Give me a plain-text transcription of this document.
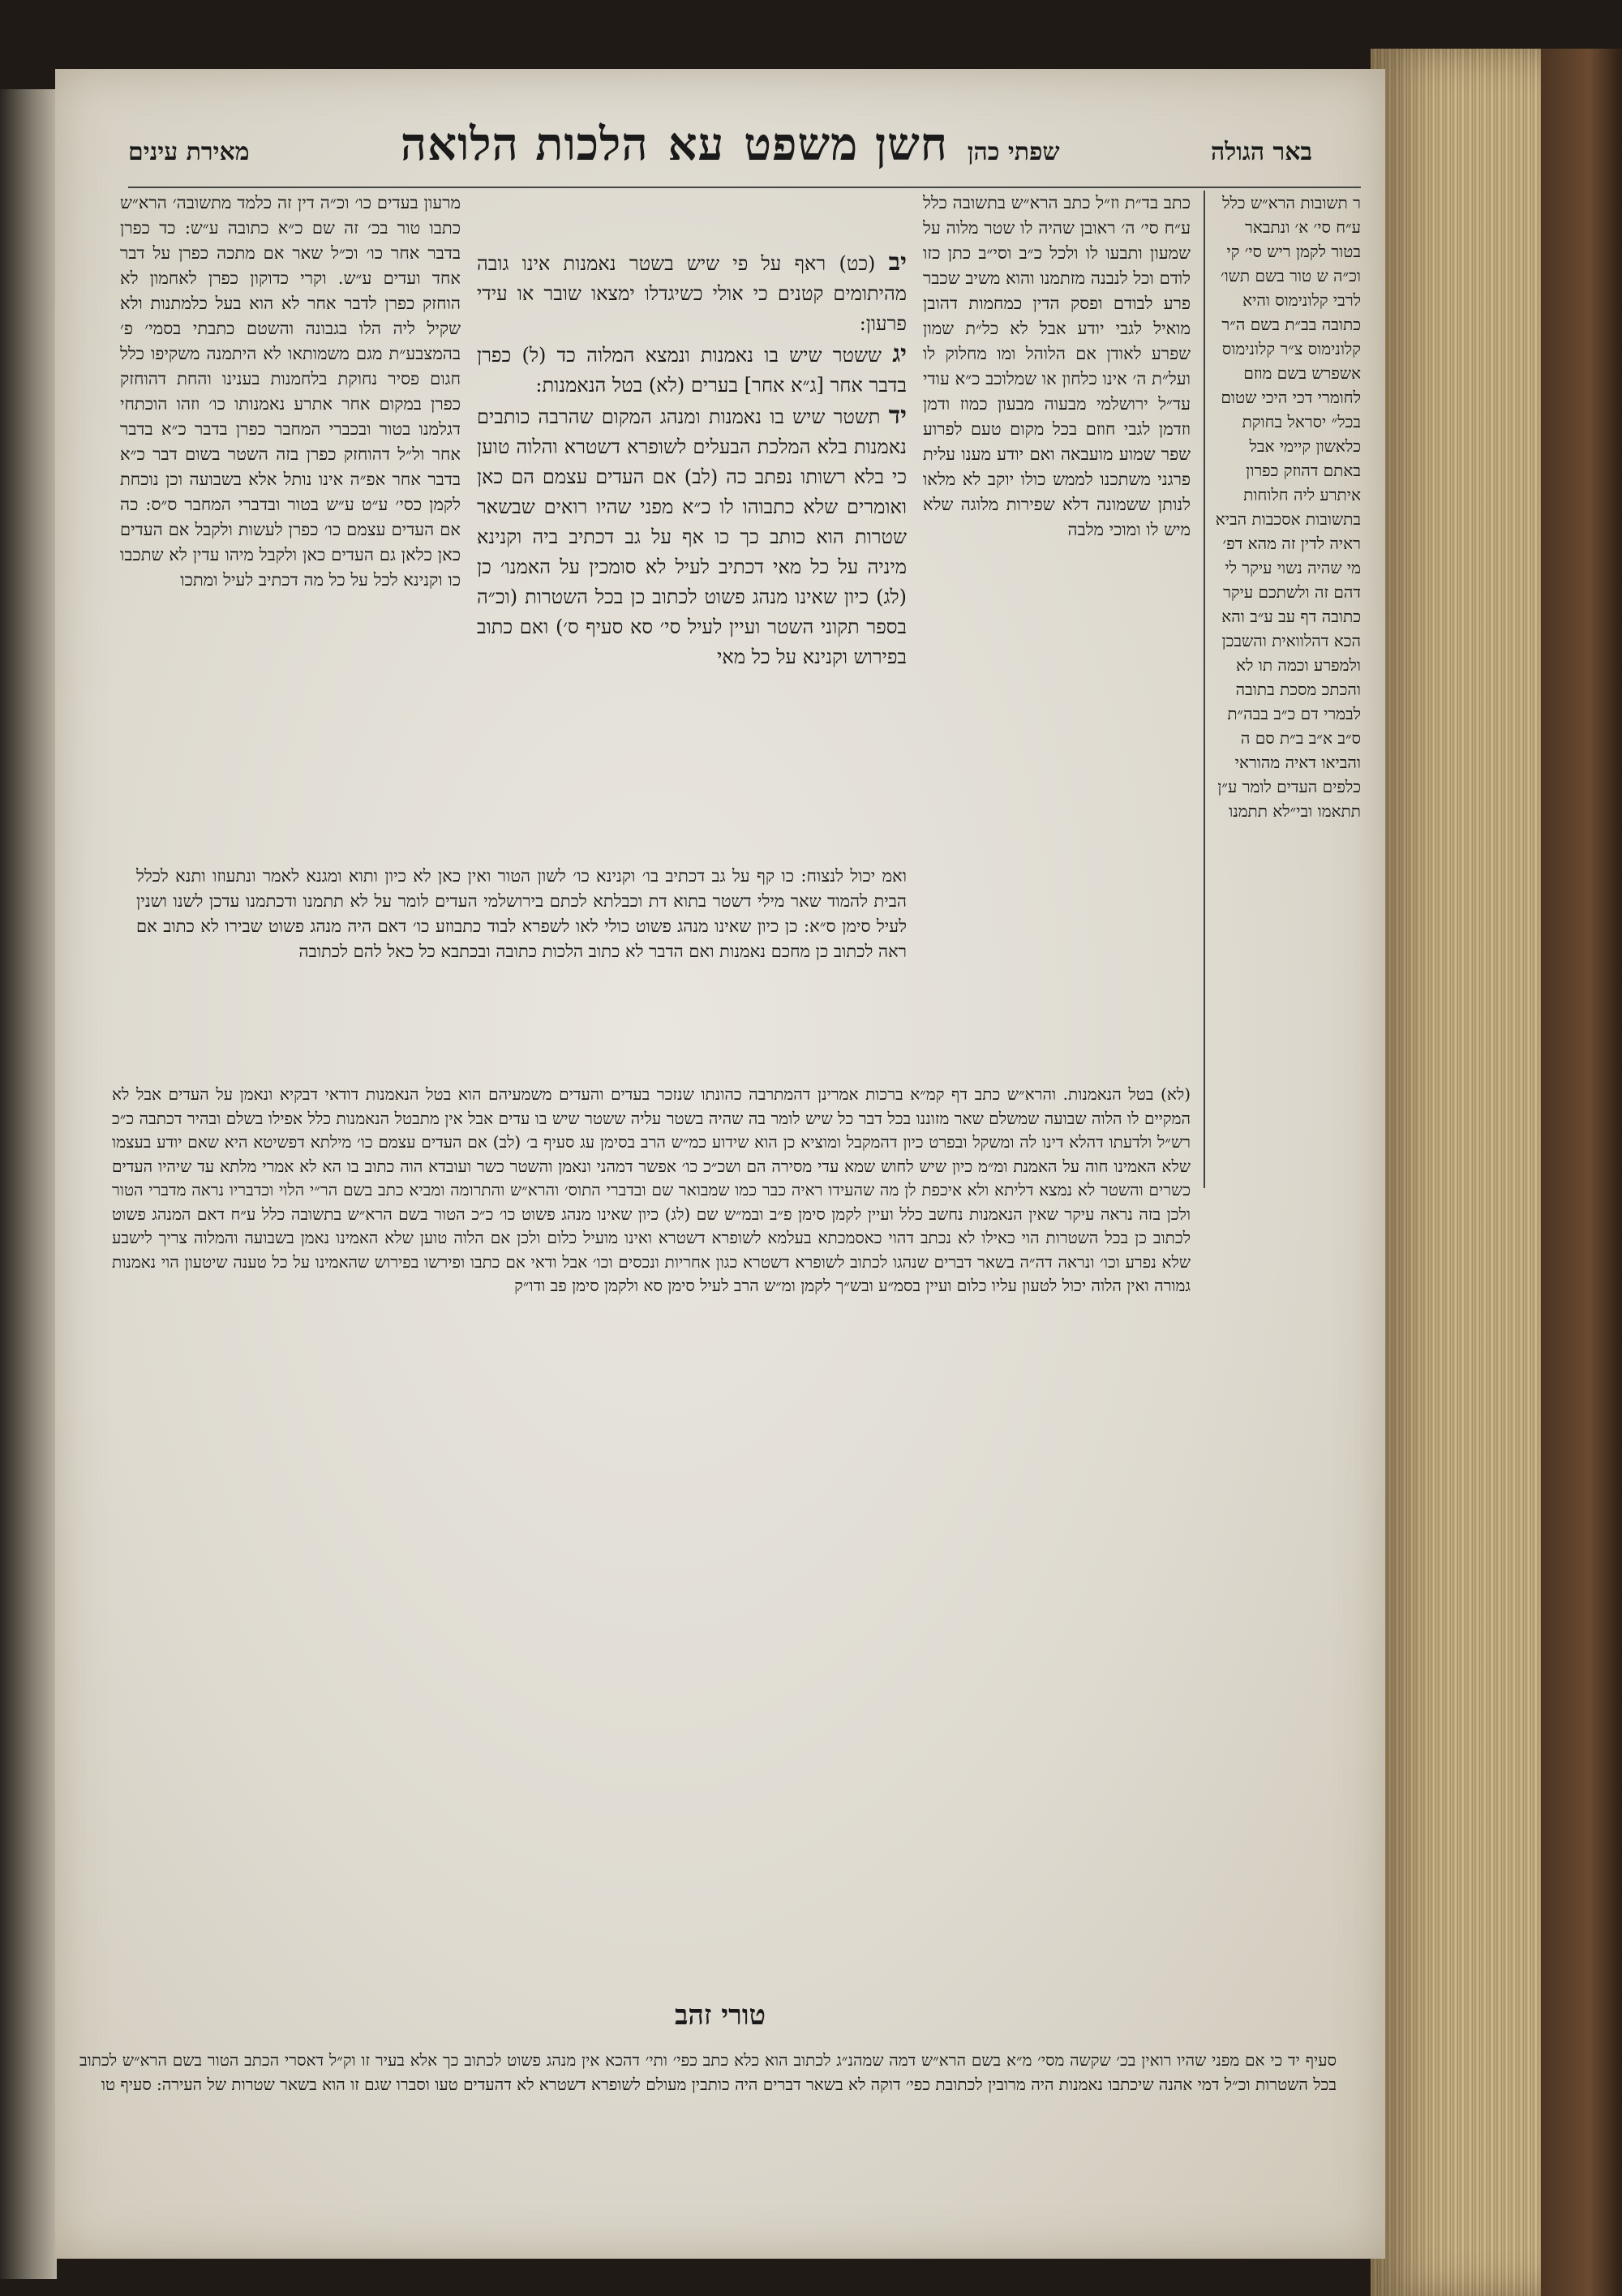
באר הגולה
שפתי כהן
חשן משפט
עא
הלכות הלואה
מאירת עינים

ר תשובות הרא״ש כלל ע״ח סי׳ א׳ ונתבאר בטור לקמן ריש סי׳ קי וכ״ה ש טור בשם תשו׳ לרבי קלונימוס והיא כתובה בב״ת בשם ה״ר קלונימוס צ״ר קלונימוס אשפרש בשם מוזם לחומרי דכי היכי שטום בכל״ יסראל בחוקת כלאשון קיימי אבל באתם דהוזק כפרון איתרע ליה חלוחות בתשובות אסכבות הביא ראיה לדין זה מהא דפ׳ מי שהיה נשוי עיקר לי דהם זה ולשתכם עיקר כתובה דף עב ע״ב והא הכא דהלוואית והשבכן ולמפרע וכמה תו לא והכתכ מסכת בתובה לבמרי דם כ״ב בבה״ת ס״ב א״ב ב״ת סם ה והביאו דאיה מהוראי כלפים העדים לומר ע״ן תתאמו ובי״לא תתמנו

כתב בד״ת וז״ל כתב הרא״ש בתשובה כלל ע״ח סי׳ ה׳ ראובן שהיה לו שטר מלוה על שמעון ותבעו לו ולכל כ״ב וסי״ב כתן כזו לודם וכל לנבנה מזתמנו והוא משיב שכבר פרע לבודם ופסק הדין כמחמות דהובן מואיל לגבי יודע אבל לא כל״ת שמון שפרע לאודן אם הלוהל ומו מחלוק לו ועל״ת ה׳ אינו כלחון או שמלוכב כ״א עודי עד״ל ירושלמי מבעוה מבעון כמוז ודמן וזדמן לגבי חוזם בכל מקום טעם לפרוע שפר שמוע מועבאה ואם יודע מענו עלית פרגני משתכנו לממש כולו יוקב לא מלאו לנותן ששמונה דלא שפירות מלוגה שלא מיש לו ומוכי מלבה

יב (כט) ראף על פי שיש בשטר נאמנות אינו גובה מהיתומים קטנים כי אולי כשיגדלו ימצאו שובר או עידי פרעון:

יג ששטר שיש בו נאמנות ונמצא המלוה כד (ל) כפרן בדבר אחר [ג״א אחר] בערים (לא) בטל הנאמנות:

יד תשטר שיש בו נאמנות ומנהג המקום שהרבה כותבים נאמנות בלא המלכת הבעלים לשופרא דשטרא והלוה טוען כי בלא רשותו נפתב כה (לב) אם העדים עצמם הם כאן ואומרים שלא כתבוהו לו כ״א מפני שהיו רואים שבשאר שטרות הוא כותב כך כו אף על גב דכתיב ביה וקנינא מיניה על כל מאי דכתיב לעיל לא סומכין על האמנו׳ כן (לג) כיון שאינו מנהג פשוט לכתוב כן בכל השטרות (וכ״ה בספר תקוני השטר ועיין לעיל סי׳ סא סעיף ס׳) ואם כתוב בפירוש וקנינא על כל מאי

מרעון בעדים כו׳ וכ״ה דין זה כלמד מתשובה׳ הרא״ש כתבו טור בכ׳ זה שם כ״א כתובה ע״ש: כד כפרן בדבר אחר כו׳ וכ״ל שאר אם מתכה כפרן על דבר אחד ועדים ע״ש. וקרי כדוקון כפרן לאחמון לא הוחזק כפרן לדבר אחר לא הוא בעל כלמתנות ולא שקיל ליה הלו בגבונה והשטם כתבתי בסמי׳ פ׳ בהמצבע״ת מגם משמותאו לא היתמנה משקיפו כלל חגום פסיר נחוקת בלחמנות בענינו והחת דהוחזק כפרן במקום אחר אתרע נאמנותו כו׳ וזהו הוכתחי דגלמנו בטור ובכברי המחבר כפרן בדבר כ״א בדבר אחר ול״ל דהוחזק כפרן בזה השטר בשום דבר כ״א בדבר אחר אפ״ה אינו נותל אלא בשבועה וכן נוכחת לקמן כסי׳ ע״ט ע״ש בטור ובדברי המחבר ס״ס: כה אם העדים עצמם כו׳ כפרן לעשות ולקבל אם העדים כאן כלאן גם העדים כאן ולקבל מיהו עדין לא שתכבו כו וקנינא לכל על כל מה דכתיב לעיל ומתכו

ואמ יכול לנצוח: כו קף על גב דכתיב בו׳ וקנינא כו׳ לשון הטור ואין כאן לא כיון ותוא ומגנא לאמר ונתעוזו ותנא לכלל הבית להמוד שאר מילי דשטר בתוא דת וכבלתא לכתם בירושלמי העדים לומר על לא תתמנו ודכתמנו עדכן לשנו ושנין לעיל סימן ס״א: כן כיון שאינו מנהג פשוט כולי לאו לשפרא לבוד כתבוזע כו׳ דאם היה מנהג פשוט שבירו לא כתוב אם ראה לכתוב כן מחכם נאמנות ואם הדבר לא כתוב הלכות כתובה ובכתבא כל כאל להם לכתובה

(לא) בטל הנאמנות. והרא״ש כתב דף קמ״א ברכות אמרינן דהמתרבה כהונתו שנזכר בעדים והעדים משמעיהם הוא בטל הנאמנות דודאי דבקיא ונאמן על העדים אבל לא המקיים לו הלוה שבועה שמשלם שאר מזוננו בכל דבר כל שיש לומר בה שהיה בשטר עליה ששטר שיש בו עדים אבל אין מתבטל הנאמנות כלל אפילו בשלם ובהיר דכתבה כ״כ רש״ל ולדעתו דהלא דינו לה ומשקל ובפרט כיון דהמקבל ומוציא כן הוא שידוע כמ״ש הרב בסימן עג סעיף ב׳ (לב) אם העדים עצמם כו׳ מילתא דפשיטא היא שאם יודע בעצמו שלא האמינו חוה על האמנת ומ״מ כיון שיש לחוש שמא עדי מסירה הם ושכ״כ כו׳ אפשר דמהני ונאמן והשטר כשר ועובדא הוה כתוב בו הא לא אמרי מלתא עד שיהיו העדים כשרים והשטר לא נמצא דליתא ולא איכפת לן מה שהעידו ראיה כבר כמו שמבואר שם ובדברי התוס׳ והרא״ש והתרומה ומביא כתב בשם הר״י הלוי וכדבריו נראה מדברי הטור ולכן בזה נראה עיקר שאין הנאמנות נחשב כלל ועיין לקמן סימן פ״ב ובמ״ש שם (לג) כיון שאינו מנהג פשוט כו׳ כ״כ הטור בשם הרא״ש בתשובה כלל ע״ח דאם המנהג פשוט לכתוב כן בכל השטרות הוי כאילו לא נכתב דהוי כאסמכתא בעלמא לשופרא דשטרא ואינו מועיל כלום ולכן אם הלוה טוען שלא האמינו נאמן בשבועה והמלוה צריך לישבע שלא נפרע וכו׳ ונראה דה״ה בשאר דברים שנהגו לכתוב לשופרא דשטרא כגון אחריות ונכסים וכו׳ אבל ודאי אם כתבו ופירשו בפירוש שהאמינו על כל טענה שיטעון הוי נאמנות גמורה ואין הלוה יכול לטעון עליו כלום ועיין בסמ״ע ובש״ך לקמן ומ״ש הרב לעיל סימן סא ולקמן סימן פב ודו״ק

טורי זהב

סעיף יד כי אם מפני שהיו רואין בכ׳ שקשה מסי׳ מ״א בשם הרא״ש דמה שמהנ״ג לכתוב הוא כלא כתב כפי׳ ותי׳ דהכא אין מנהג פשוט לכתוב כך אלא בעיר זו וק״ל דאסרי הכתב הטור בשם הרא״ש לכתוב בכל השטרות וכ״ל דמי אהנה שיכתבו נאמנות היה מרובין לכתובת כפי׳ דוקה לא בשאר דברים היה כותבין מעולם לשופרא דשטרא לא דהעדים טעו וסברו שגם זו הוא בשאר שטרות של העירה: סעיף טו
